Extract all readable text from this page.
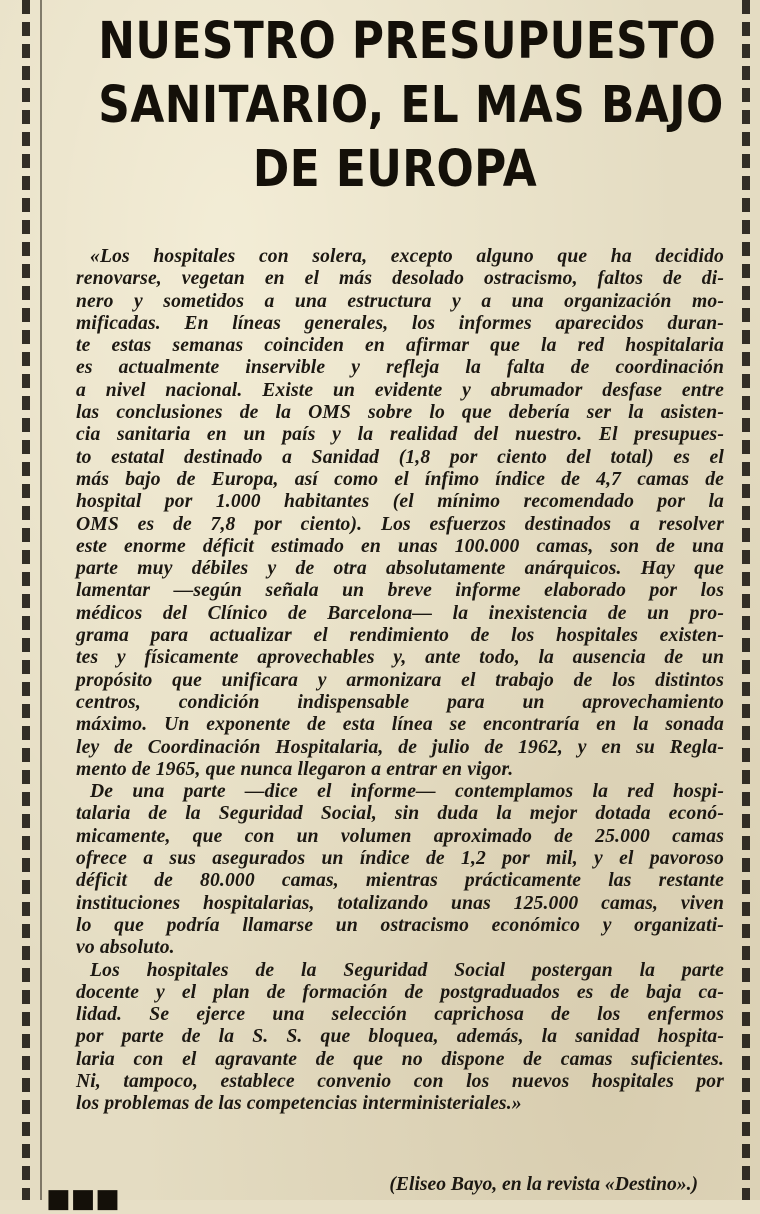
NUESTRO PRESUPUESTO
SANITARIO, EL MAS BAJO
DE EUROPA
«Los hospitales con solera, excepto alguno que ha decidido
renovarse, vegetan en el más desolado ostracismo, faltos de di-
nero y sometidos a una estructura y a una organización mo-
mificadas. En líneas generales, los informes aparecidos duran-
te estas semanas coinciden en afirmar que la red hospitalaria
es actualmente inservible y refleja la falta de coordinación
a nivel nacional. Existe un evidente y abrumador desfase entre
las conclusiones de la OMS sobre lo que debería ser la asisten-
cia sanitaria en un país y la realidad del nuestro. El presupues-
to estatal destinado a Sanidad (1,8 por ciento del total) es el
más bajo de Europa, así como el ínfimo índice de 4,7 camas de
hospital por 1.000 habitantes (el mínimo recomendado por la
OMS es de 7,8 por ciento). Los esfuerzos destinados a resolver
este enorme déficit estimado en unas 100.000 camas, son de una
parte muy débiles y de otra absolutamente anárquicos. Hay que
lamentar —según señala un breve informe elaborado por los
médicos del Clínico de Barcelona— la inexistencia de un pro-
grama para actualizar el rendimiento de los hospitales existen-
tes y físicamente aprovechables y, ante todo, la ausencia de un
propósito que unificara y armonizara el trabajo de los distintos
centros, condición indispensable para un aprovechamiento
máximo. Un exponente de esta línea se encontraría en la sonada
ley de Coordinación Hospitalaria, de julio de 1962, y en su Regla-
mento de 1965, que nunca llegaron a entrar en vigor.
De una parte —dice el informe— contemplamos la red hospi-
talaria de la Seguridad Social, sin duda la mejor dotada econó-
micamente, que con un volumen aproximado de 25.000 camas
ofrece a sus asegurados un índice de 1,2 por mil, y el pavoroso
déficit de 80.000 camas, mientras prácticamente las restante
instituciones hospitalarias, totalizando unas 125.000 camas, viven
lo que podría llamarse un ostracismo económico y organizati-
vo absoluto.
Los hospitales de la Seguridad Social postergan la parte
docente y el plan de formación de postgraduados es de baja ca-
lidad. Se ejerce una selección caprichosa de los enfermos
por parte de la S. S. que bloquea, además, la sanidad hospita-
laria con el agravante de que no dispone de camas suficientes.
Ni, tampoco, establece convenio con los nuevos hospitales por
los problemas de las competencias interministeriales.»

(Eliseo Bayo, en la revista «Destino».)

■■■
